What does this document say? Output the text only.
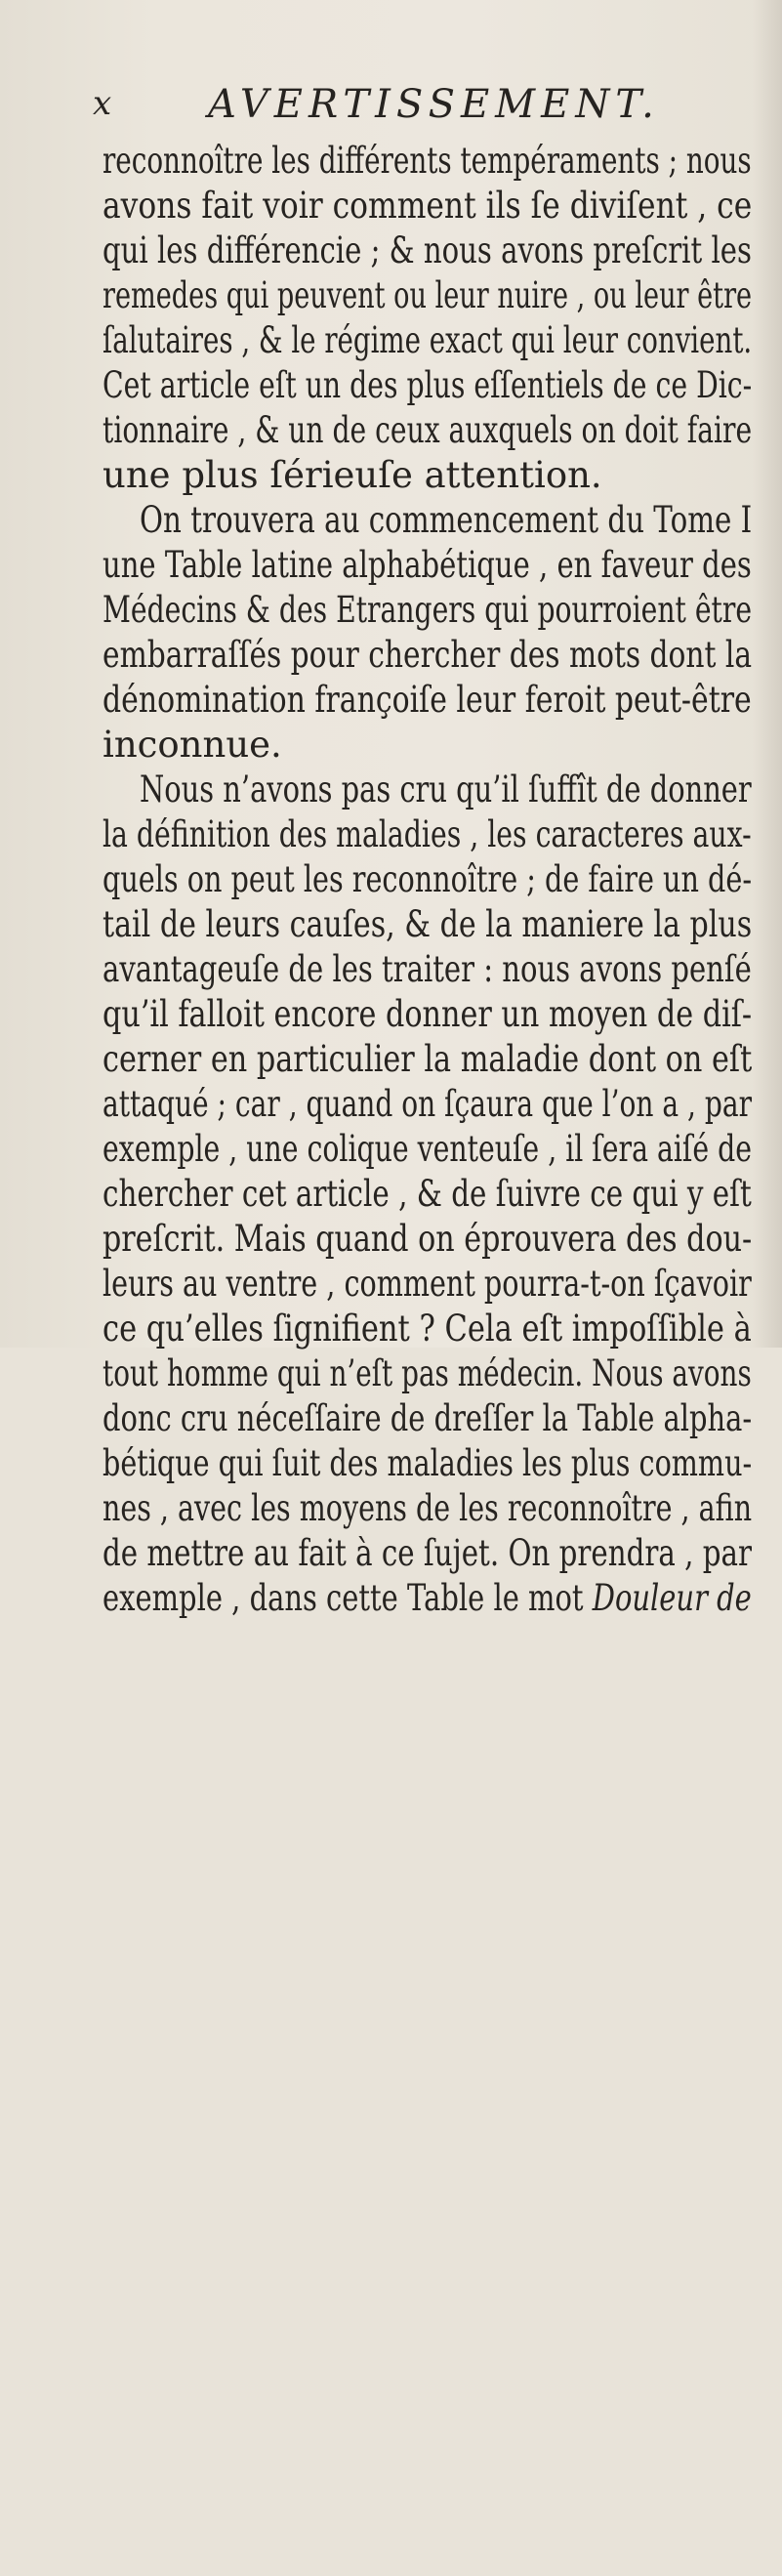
x AVERTISSEMENT.
reconnoître les différents tempéraments ; nous
avons fait voir comment ils ſe diviſent , ce
qui les différencie ; & nous avons preſcrit les
remedes qui peuvent ou leur nuire , ou leur être
ſalutaires , & le régime exact qui leur convient.
Cet article eſt un des plus eſſentiels de ce Dic-
tionnaire , & un de ceux auxquels on doit faire
une plus ſérieuſe attention.
On trouvera au commencement du Tome I
une Table latine alphabétique , en faveur des
Médecins & des Etrangers qui pourroient être
embarraſſés pour chercher des mots dont la
dénomination françoiſe leur feroit peut-être
inconnue.
Nous n’avons pas cru qu’il ſuffît de donner
la définition des maladies , les caracteres aux-
quels on peut les reconnoître ; de faire un dé-
tail de leurs cauſes, & de la maniere la plus
avantageuſe de les traiter : nous avons penſé
qu’il falloit encore donner un moyen de diſ-
cerner en particulier la maladie dont on eſt
attaqué ; car , quand on ſçaura que l’on a , par
exemple , une colique venteuſe , il ſera aiſé de
chercher cet article , & de ſuivre ce qui y eſt
preſcrit. Mais quand on éprouvera des dou-
leurs au ventre , comment pourra-t-on ſçavoir
ce qu’elles ſignifient ? Cela eſt impoſſible à
tout homme qui n’eſt pas médecin. Nous avons
donc cru néceſſaire de dreſſer la Table alpha-
bétique qui ſuit des maladies les plus commu-
nes , avec les moyens de les reconnoître , afin
de mettre au fait à ce ſujet. On prendra , par
exemple , dans cette Table le mot Douleur de
